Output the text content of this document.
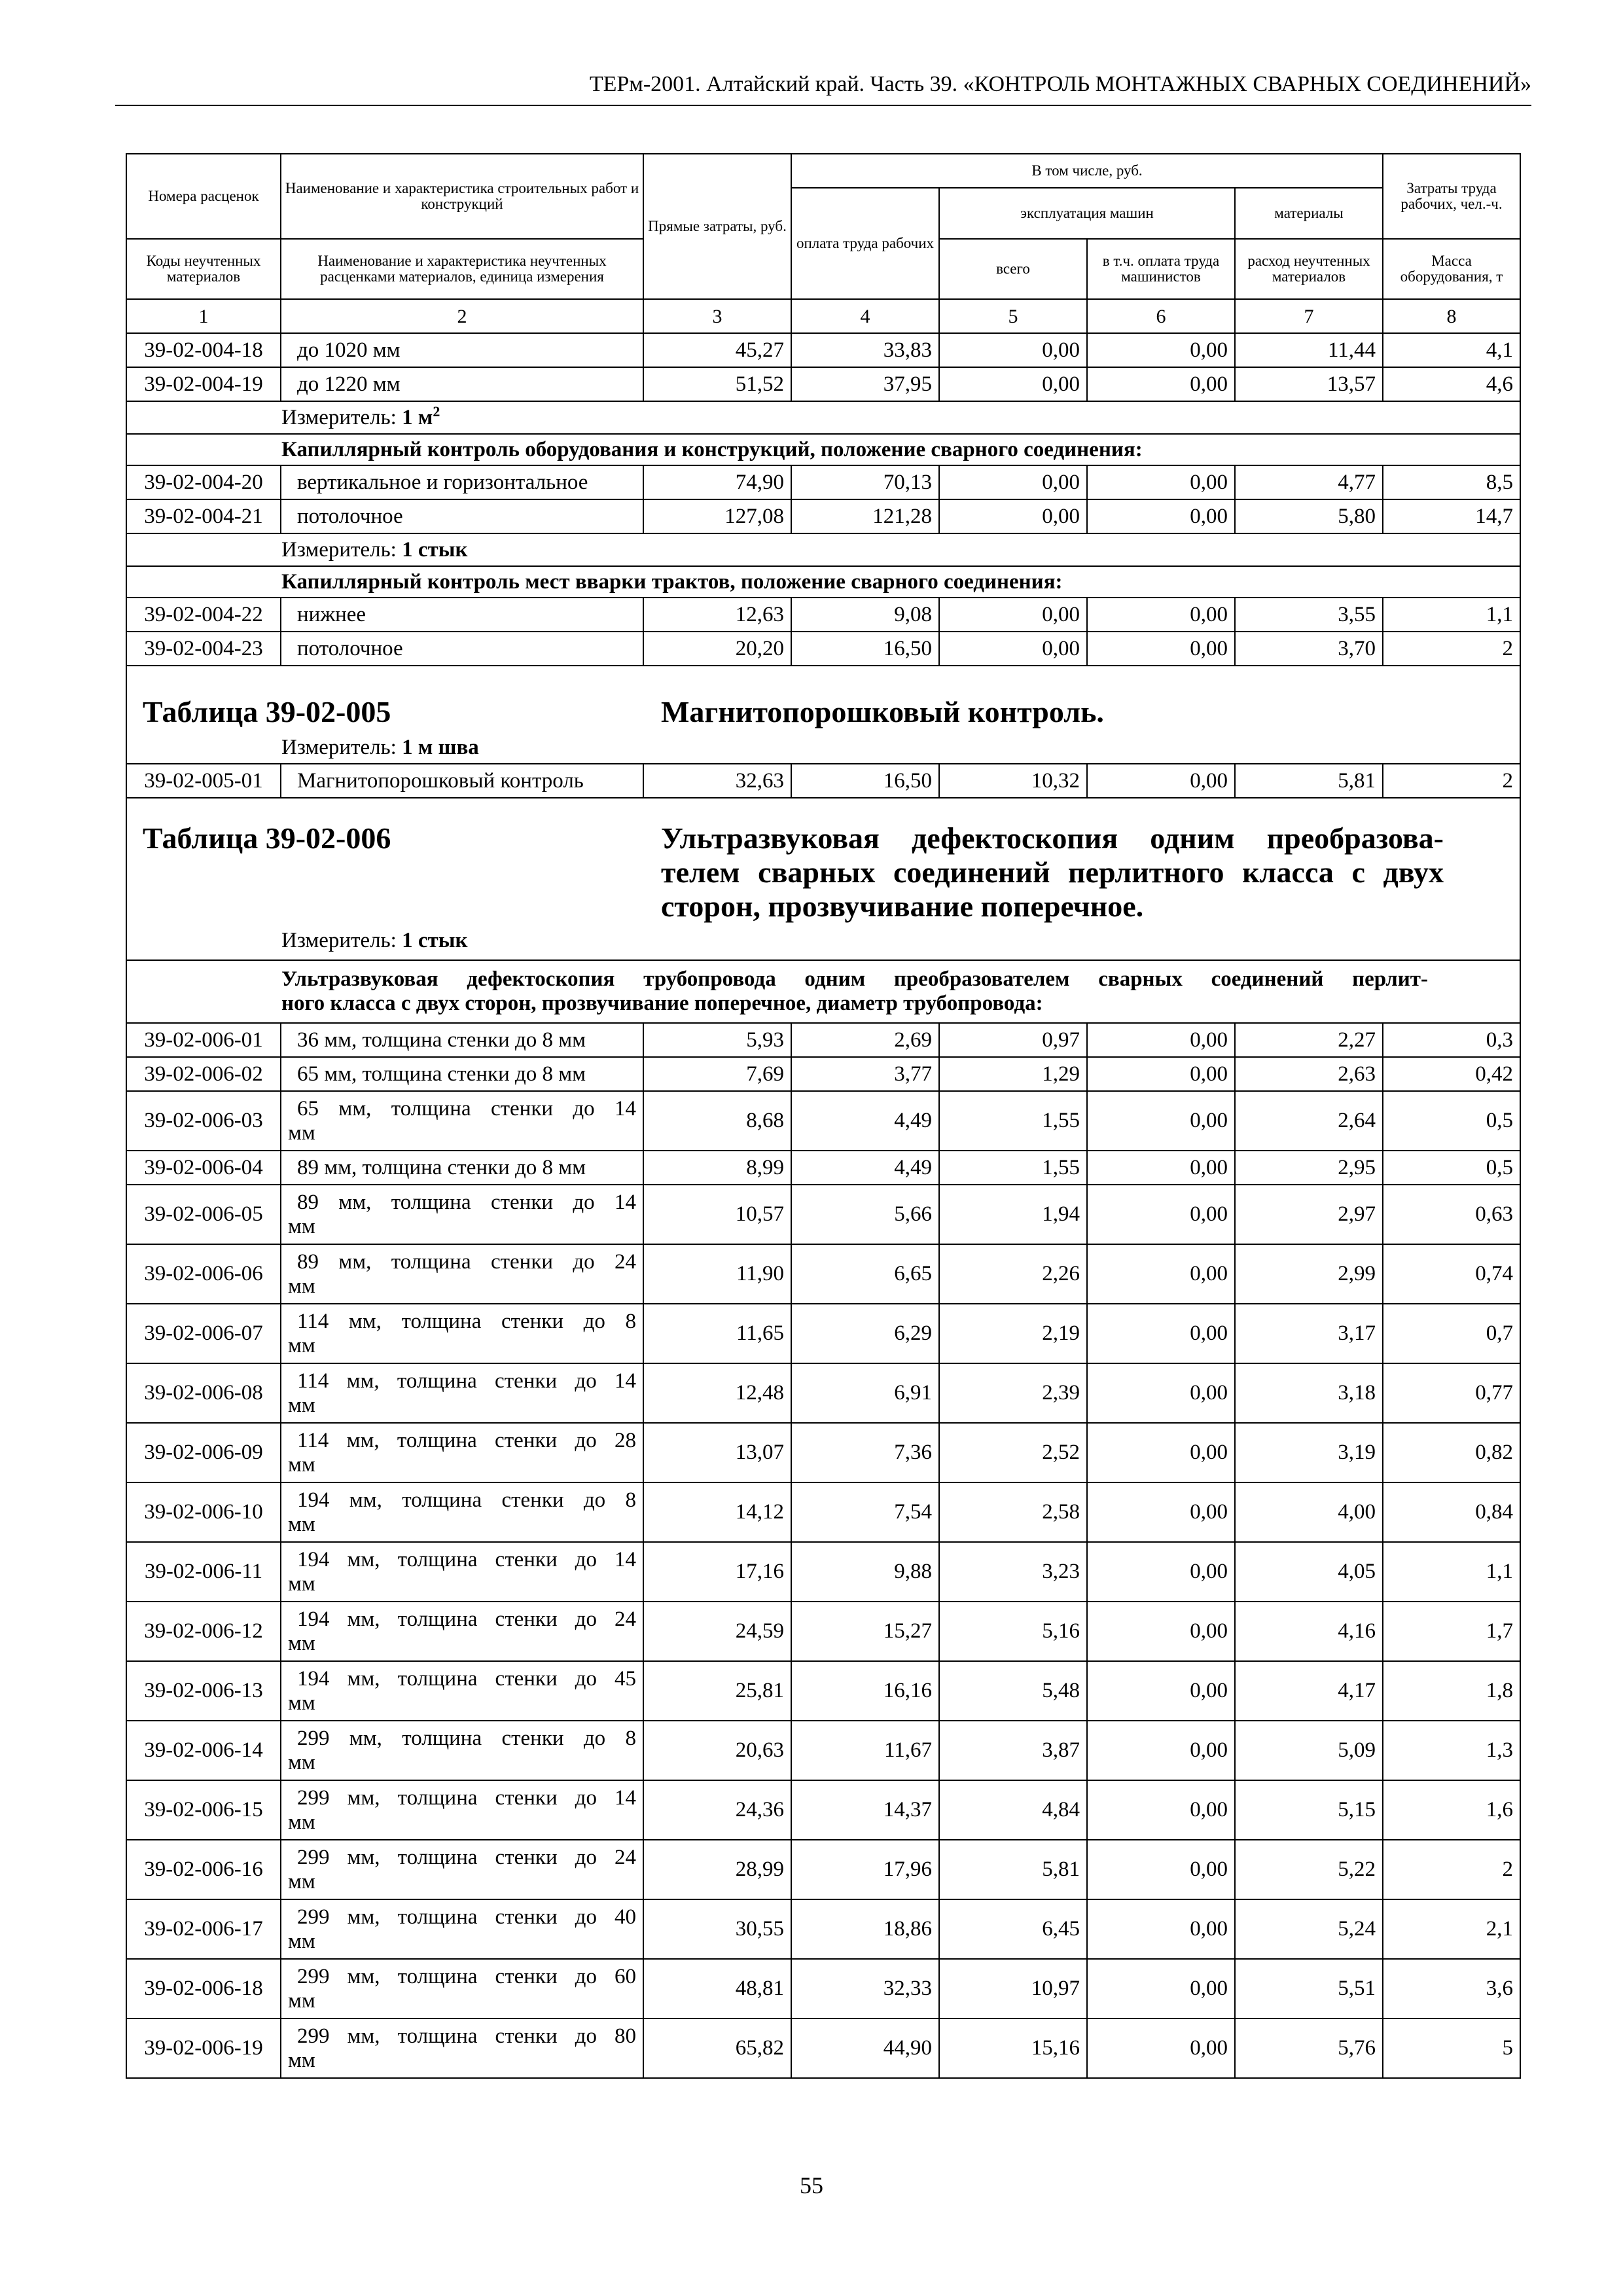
ТЕРм-2001. Алтайский край. Часть 39. «КОНТРОЛЬ МОНТАЖНЫХ СВАРНЫХ СОЕДИНЕНИЙ»
Номера расценок	Наименование и характеристика строительных работ и конструкций	Прямые затраты, руб.	В том числе, руб.				Затраты труда рабочих, чел.-ч.
			оплата труда рабочих	эксплуатация машин		материалы	
Коды неучтенных материалов	Наименование и характеристика неучтенных расценками материалов, единица измерения			всего	в т.ч. оплата труда машинистов	расход неучтенных материалов	Масса оборудования, т
1	2	3	4	5	6	7	8
39-02-004-18	до 1020 мм	45,27	33,83	0,00	0,00	11,44	4,1
39-02-004-19	до 1220 мм	51,52	37,95	0,00	0,00	13,57	4,6
Измеритель: 1 $м^2$
Капиллярный контроль оборудования и конструкций, положение сварного соединения:							
39-02-004-20	вертикальное и горизонтальное	74,90	70,13	0,00	0,00	4,77	8,5
39-02-004-21	потолочное	127,08	121,28	0,00	0,00	5,80	14,7
Измеритель: 1 стык							
Капиллярный контроль мест вварки трактов, положение сварного соединения:							
39-02-004-22	нижнее	12,63	9,08	0,00	0,00	3,55	1,1
39-02-004-23	потолочное	20,20	16,50	0,00	0,00	3,70	2

Таблица 39-02-005 Магнитопорошковый контроль.
Измеритель: 1 м шва							

39-02-005-01	Магнитопорошковый контроль	32,63	16,50	10,32	0,00	5,81	2

Таблица 39-02-006 Ультразвуковая дефектоскопия одним преобразова-
телем сварных соединений перлитного класса с двух
сторон, прозвучивание поперечное.
Измеритель: 1 стык							

Ультразвуковая дефектоскопия трубопровода одним преобразователем сварных соединений перлит-
ного класса с двух сторон, прозвучивание поперечное, диаметр трубопровода:							

39-02-006-01	36 мм, толщина стенки до 8 мм	5,93	2,69	0,97	0,00	2,27	0,3
39-02-006-02	65 мм, толщина стенки до 8 мм	7,69	3,77	1,29	0,00	2,63	0,42
39-02-006-03	65 мм, толщина стенки до 14
мм	8,68	4,49	1,55	0,00	2,64	0,5
39-02-006-04	89 мм, толщина стенки до 8 мм	8,99	4,49	1,55	0,00	2,95	0,5
39-02-006-05	89 мм, толщина стенки до 14
мм	10,57	5,66	1,94	0,00	2,97	0,63
39-02-006-06	89 мм, толщина стенки до 24
мм	11,90	6,65	2,26	0,00	2,99	0,74
39-02-006-07	114 мм, толщина стенки до 8
мм	11,65	6,29	2,19	0,00	3,17	0,7
39-02-006-08	114 мм, толщина стенки до 14
мм	12,48	6,91	2,39	0,00	3,18	0,77
39-02-006-09	114 мм, толщина стенки до 28
мм	13,07	7,36	2,52	0,00	3,19	0,82
39-02-006-10	194 мм, толщина стенки до 8
мм	14,12	7,54	2,58	0,00	4,00	0,84
39-02-006-11	194 мм, толщина стенки до 14
мм	17,16	9,88	3,23	0,00	4,05	1,1
39-02-006-12	194 мм, толщина стенки до 24
мм	24,59	15,27	5,16	0,00	4,16	1,7
39-02-006-13	194 мм, толщина стенки до 45
мм	25,81	16,16	5,48	0,00	4,17	1,8
39-02-006-14	299 мм, толщина стенки до 8
мм	20,63	11,67	3,87	0,00	5,09	1,3
39-02-006-15	299 мм, толщина стенки до 14
мм	24,36	14,37	4,84	0,00	5,15	1,6
39-02-006-16	299 мм, толщина стенки до 24
мм	28,99	17,96	5,81	0,00	5,22	2
39-02-006-17	299 мм, толщина стенки до 40
мм	30,55	18,86	6,45	0,00	5,24	2,1
39-02-006-18	299 мм, толщина стенки до 60
мм	48,81	32,33	10,97	0,00	5,51	3,6
39-02-006-19	299 мм, толщина стенки до 80
мм	65,82	44,90	15,16	0,00	5,76	5
55
